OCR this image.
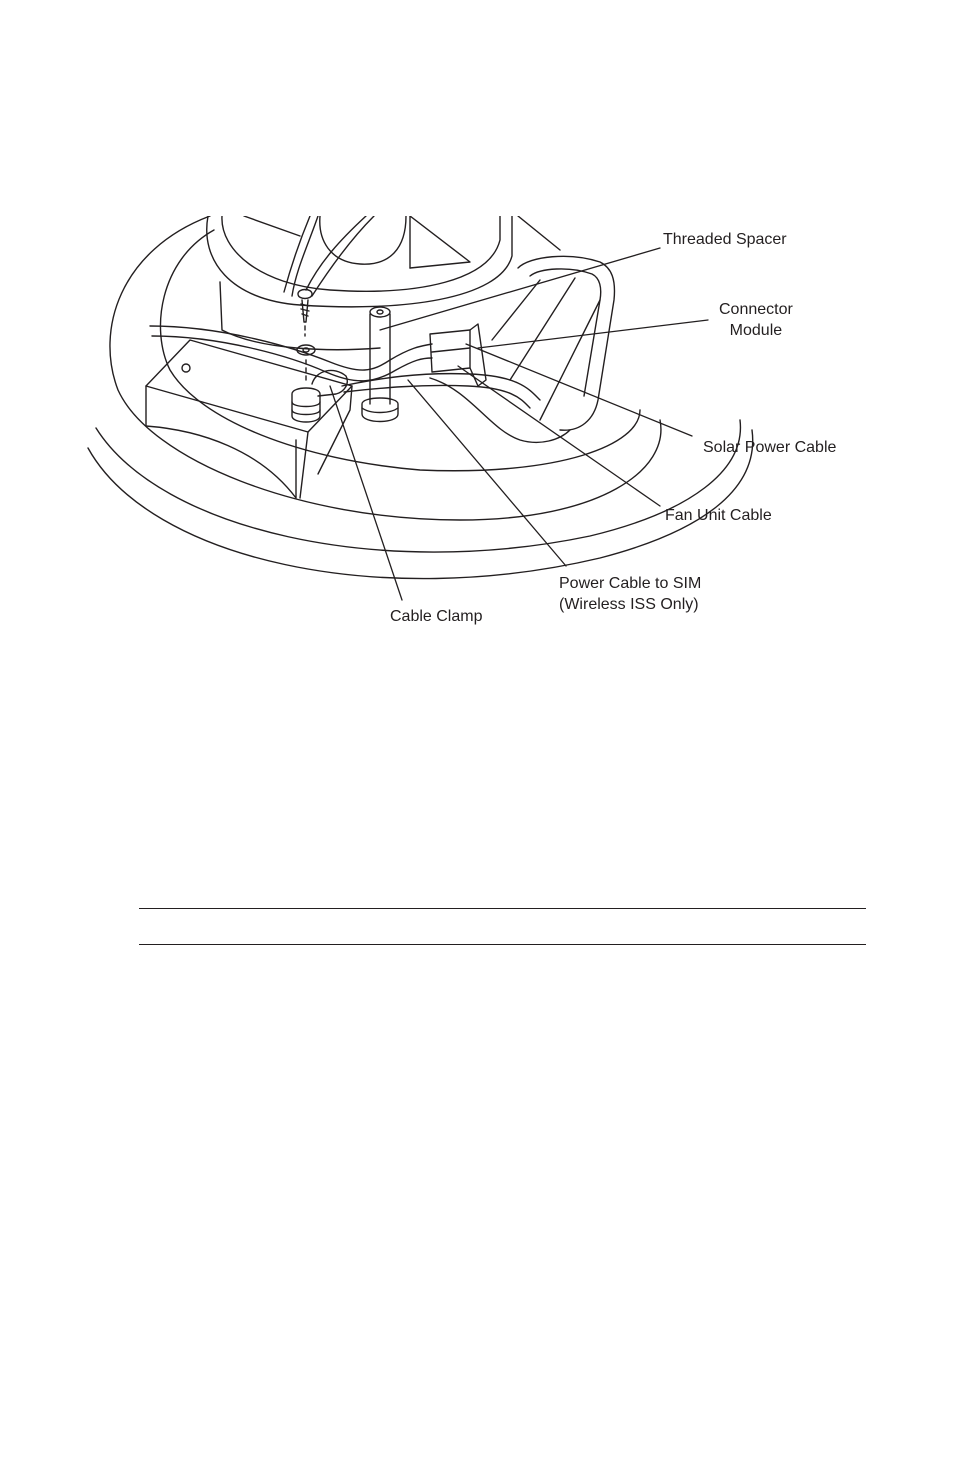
Threaded Spacer
Connector
Module
Solar Power Cable
Fan Unit Cable
Power Cable to SIM
(Wireless ISS Only)
Cable Clamp
